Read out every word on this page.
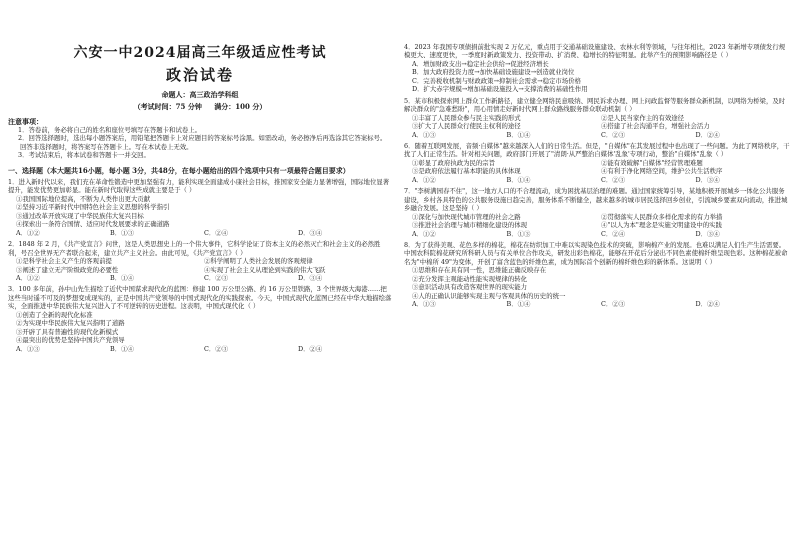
六安一中2024届高三年级适应性考试
政治试卷
命题人：高三政治学科组
（考试时间：75 分钟 满分：100 分）
注意事项：
1．答卷前，务必将自己的姓名和座位号填写在答题卡和试卷上。
2．回答选择题时，选出每小题答案后，用铅笔把答题卡上对应题目的答案标号涂黑。如需改动，务必擦净后再选涂其它答案标号。回答非选择题时，将答案写在答题卡上。写在本试卷上无效。
3．考试结束后，将本试卷和答题卡一并交回。
一、选择题（本大题共16小题，每小题 3分，共48分，在每小题给出的四个选项中只有一项最符合题目要求）
1．进入新时代以来，我们充在革命性锻造中更加坚强有力，能利实现全面建成小康社会目标，推国家安全能力显著增强，国际地位显著提升，能发优势更加彰显。能在新时代取得这些成就主要是于（ ）
①我国国际地位提高，不断为人类作出更大贡献
②坚持习近平新时代中国特色社会主义思想的科学指引
③通过改革开放实现了中华民族伟大复兴目标
④探索出一条符合国情、适应时代发展要求的正确道路
A．①②	B．①③	C．②④	D．③④
2．1848 年 2 月，《共产党宣言》问世，这是人类思想史上的一个伟大事件，它科学论证了资本主义的必然灭亡和社会主义的必然胜利，号召全世界无产者联合起来，建立共产主义社会。由此可见，《共产党宣言》（ ）
①是科学社会主义产生的客观前提	②科学阐明了人类社会发展的客观规律
③阐述了建立无产阶级政党的必要性	④实现了社会主义从理论到实践的伟大飞跃
A．①②	B．①④	C．②③	D．③④
3．100 多年前，孙中山先生描绘了近代中国谋求现代化的蓝图：修建 100 万公里公路、约 16 万公里铁路，3 个世界级大海港……把这些当时遥不可及的梦想变成现实的，正是中国共产党领导的中国式现代化的实践探索。今天，中国式现代化蓝图已经在中华大地描绘落实，全面推进中华民族伟大复兴进入了不可逆转的历史进程。这表明，中国式现代化（ ）
①创造了全新的现代化标准
②为实现中华民族伟大复兴指明了道路
③开辟了具有普遍性的现代化新模式
④最突出的优势是坚持中国共产党领导
A．①③	B．①④	C．②③	D．②④
4．2023 年我国专项债捐前批实现 2 万亿元，重点用于交通基础设施建设、农林水利等领域，与往年相比，2023 年新增专项债发行规模更大、速度更快，一季度时新政策发力、投资带动、扩消费、稳增长的特征明显。此举产生的预期影响路径是（ ）
A．增加财政支出→稳定社会供给→促进经济增长
B．加大政府投资力度→加快基础设施建设→创造就业岗位
C．完善税收机制与财政政策→抑制社会需求→稳定市场价格
D．扩大赤字规模→增加基础设施投入→支撑消费的基础性作用
5．某市积极探索网上群众工作新路径，建立健全网络民意吸纳、网民诉求办理、网上问政监督等服务群众新机制，以网络为桥梁，及时解决群众的"急难愁盼"，用心用情走好新时代网上群众路线服务群众联动机制（ ）
①丰富了人民群众参与民主实践的形式	②是人民当家作主的有效途径
③扩大了人民群众行使民主权利的途径	④搭建了社会沟通平台，增强社会活力
A．①③	B．①④	C．②③	D．②④
6．随着互联网发展，音频·自媒体"越来越深入人们的日常生活。但是，"自媒体"在其发展过程中也出现了一些问题。为此了网络秩序，干扰了人们正常生活。针对相关问题，政府部门开展了"清朗·从严整治自媒体'乱象'专项行动，整治"自媒体"乱象（ ）
①彰显了政府执政为民的宗旨	②能有效破解"自媒体"经营管理难题
③是政府依法履行基本职能的具体体现	④有利于净化网络空间，维护公共生活秩序
A．①②	B．①④	C．②③	D．③④
7．"李树满园春不住"，这一地方人口的不合理流动，成为困扰基层治理的难题。通过国家统筹引导，某地积极开展城乡一体化公共服务建设，乡村各具特色的公共服务设施日趋完善，服务体系不断健全，越来越多的城市居民选择回乡创业，引流城乡要素双向流动，推进城乡融合发展。这是坚持（ ）
①深化与加快现代城市管理的社会之路	②贯彻落实人民群众多样化需求的有力举措
③推进社会治理与城市精细化建设的体现	④"以人为本"理念是实施文明建设中的实践
A．①②	B．①③	C．②④	D．③④
8．为了获得美观、花色多样的棉花，棉花在纺织加工中难以实现染色技术的突破，影响棉产业的发展。也难以满足人们生产生活需要。中国农科院棉花研究所科研人员与有关单位合作攻关，研发出彩色棉花，能够在开花后分泌出不同色素使棉纤维呈现色彩。这种棉花被命名为"中棉所 49"为变体，开创了富含蓝色的纤维色素，成为国际首个创新的棉纤维色彩的新体系。这说明（ ）
①思维和存在具有同一性，思维能正确反映存在
②充分发挥主观能动性能实现规律的转化
③意识活动具有改造客观世界的现实能力
④人的正确认识能够实现主观与客观具体的历史的统一
A．①③	B．①④	C．②③	D．②④
